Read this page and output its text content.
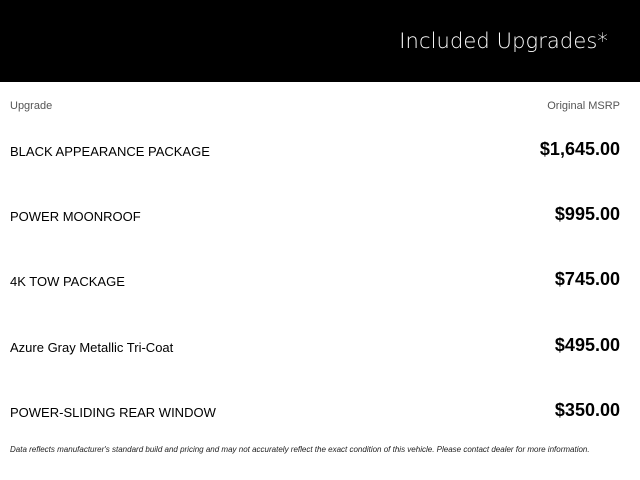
Included Upgrades*
Upgrade	Original MSRP
BLACK APPEARANCE PACKAGE	$1,645.00
POWER MOONROOF	$995.00
4K TOW PACKAGE	$745.00
Azure Gray Metallic Tri-Coat	$495.00
POWER-SLIDING REAR WINDOW	$350.00
Data reflects manufacturer's standard build and pricing and may not accurately reflect the exact condition of this vehicle. Please contact dealer for more information.
